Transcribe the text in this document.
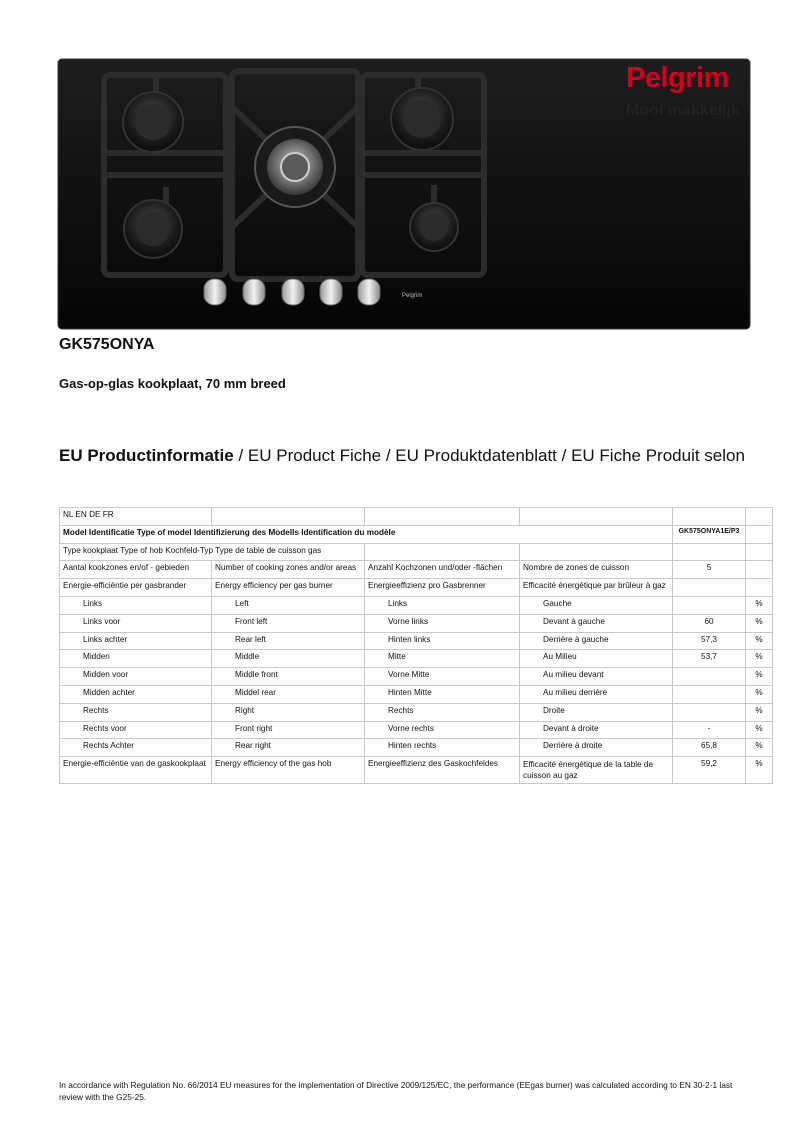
Pelgrim
Pelgrim
Mooi makkelijk
GK575ONYA
Gas-op-glas kookplaat, 70 mm breed
EU Productinformatie / EU Product Fiche / EU Produktdatenblatt / EU Fiche Produit selon
NL EN DE FR					
Model Identificatie Type of model Identifizierung des Modells Identification du modèle				GK575ONYA1E/P3	
Type kookplaat Type of hob Kochfeld-Typ Type de table de cuisson gas					
Aantal kookzones en/of - gebieden	Number of cooking zones and/or areas	Anzahl Kochzonen und/oder -flächen	Nombre de zones de cuisson	5	
Energie-efficiëntie per gasbrander	Energy efficiency per gas burner	Energieeffizienz pro Gasbrenner	Efficacité énergétique par brûleur à gaz		
Links	Left	Links	Gauche		%
Links voor	Front left	Vorne links	Devant à gauche	60	%
Links achter	Rear left	Hinten links	Derrière à gauche	57,3	%
Midden	Middle	Mitte	Au Milieu	53,7	%
Midden voor	Middle front	Vorne Mitte	Au milieu devant		%
Midden achter	Middel rear	Hinten Mitte	Au milieu derrière		%
Rechts	Right	Rechts	Droite		%
Rechts voor	Front right	Vorne rechts	Devant à droite	-	%
Rechts Achter	Rear right	Hinten rechts	Derrière à droite	65,8	%
Energie-efficiëntie van de gaskookplaat	Energy efficiency of the gas hob	Energieeffizienz des Gaskochfeldes	Efficacité énergétique de la table de cuisson au gaz	59,2	%
In accordance with Regulation No. 66/2014 EU measures for the implementation of Directive 2009/125/EC, the performance (EEgas burner) was calculated according to EN 30-2-1 last review with the G25-25.
